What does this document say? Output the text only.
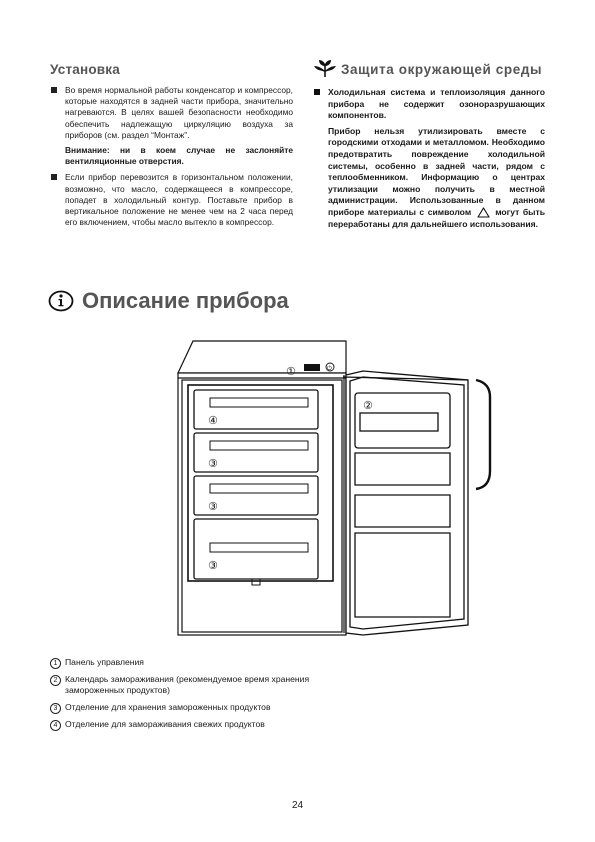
Установка
Во время нормальной работы конденсатор и компрессор, которые находятся в задней части прибора, значительно нагреваются. В целях вашей безопасности необходимо обеспечить надлежащую циркуляцию воздуха за приборов (см. раздел “Монтаж”.
Внимание: ни в коем случае не заслоняйте вентиляционные отверстия.
Если прибор перевозится в горизонтальном положении, возможно, что масло, содержащееся в компрессоре, попадет в холодильный контур. Поставьте прибор в вертикальное положение не менее чем на 2 часа перед его включением, чтобы масло вытекло в компрессор.
Защита окружающей среды
Холодильная система и теплоизоляция данного прибора не содержит озоноразрушающих компонентов.
Прибор нельзя утилизировать вместе с городскими отходами и металломом. Необходимо предотвратить повреждение холодильной системы, особенно в задней части, рядом с теплообменником. Информацию о центрах утилизации можно получить в местной администрации. Использованные в данном приборе материалы с символом	могут быть переработаны для дальнейшего использования.
Описание прибора
⏻
①
②
④
③
③
③
1 Панель управления
2 Календарь замораживания (рекомендуемое время хранения замороженных продуктов)
3 Отделение для хранения замороженных продуктов
4 Отделение для замораживания свежих продуктов
24
